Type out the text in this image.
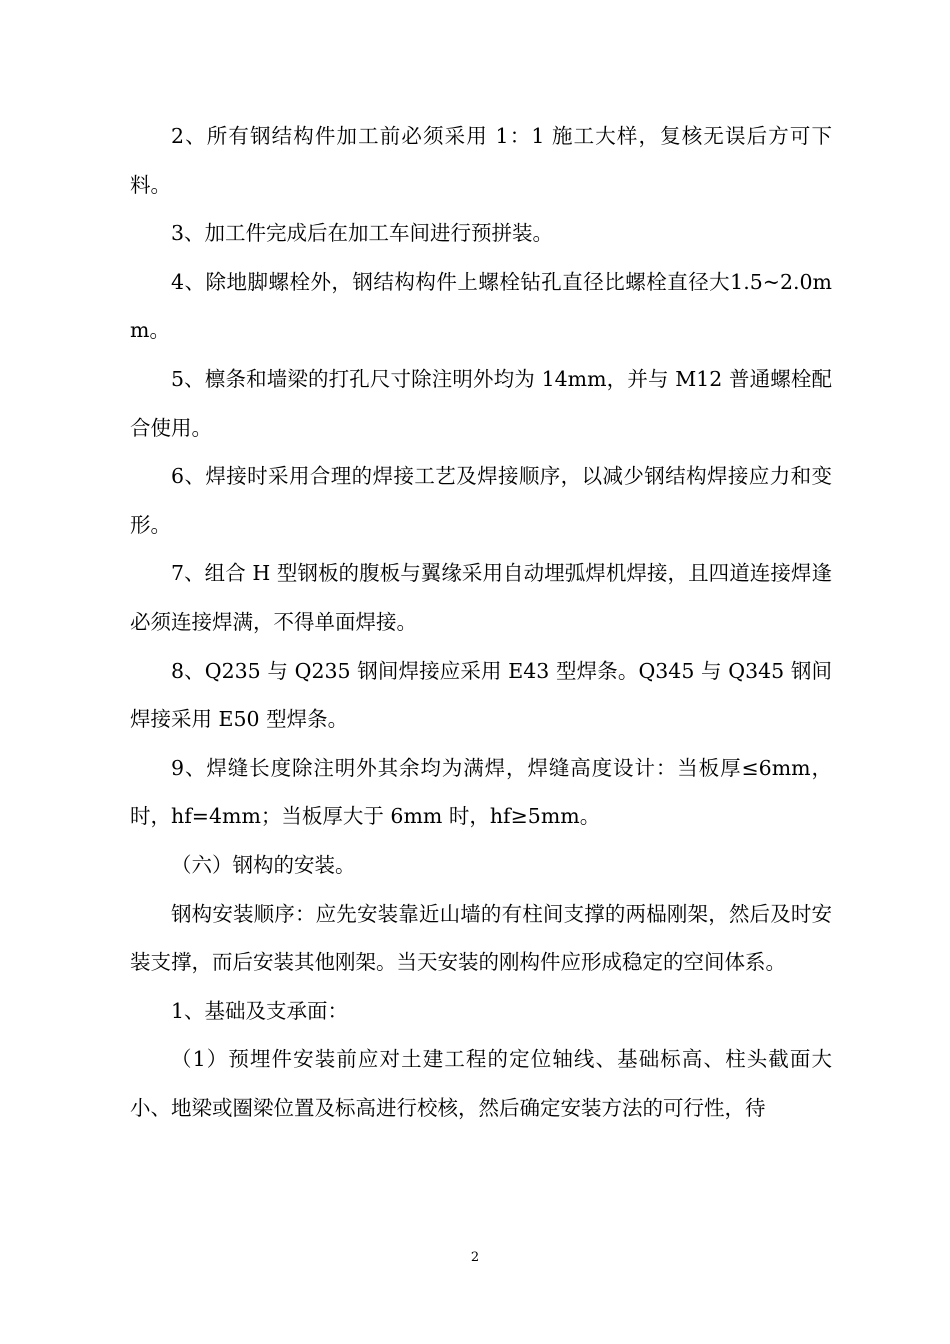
2、所有钢结构件加工前必须采用 1：1 施工大样，复核无误后方可下料。

3、加工件完成后在加工车间进行预拼装。

4、除地脚螺栓外，钢结构构件上螺栓钻孔直径比螺栓直径大1.5~2.0mm。

5、檩条和墙梁的打孔尺寸除注明外均为 14mm，并与 M12 普通螺栓配合使用。

6、焊接时采用合理的焊接工艺及焊接顺序，以减少钢结构焊接应力和变形。

7、组合 H 型钢板的腹板与翼缘采用自动埋弧焊机焊接，且四道连接焊逢必须连接焊满，不得单面焊接。

8、Q235 与 Q235 钢间焊接应采用 E43 型焊条。Q345 与 Q345 钢间焊接采用 E50 型焊条。

9、焊缝长度除注明外其余均为满焊，焊缝高度设计：当板厚≤6mm，时，hf=4mm；当板厚大于 6mm 时，hf≥5mm。

（六）钢构的安装。

钢构安装顺序：应先安装靠近山墙的有柱间支撑的两榀刚架，然后及时安装支撑，而后安装其他刚架。当天安装的刚构件应形成稳定的空间体系。

1、基础及支承面：

（1）预埋件安装前应对土建工程的定位轴线、基础标高、柱头截面大小、地梁或圈梁位置及标高进行校核，然后确定安装方法的可行性，待

2
